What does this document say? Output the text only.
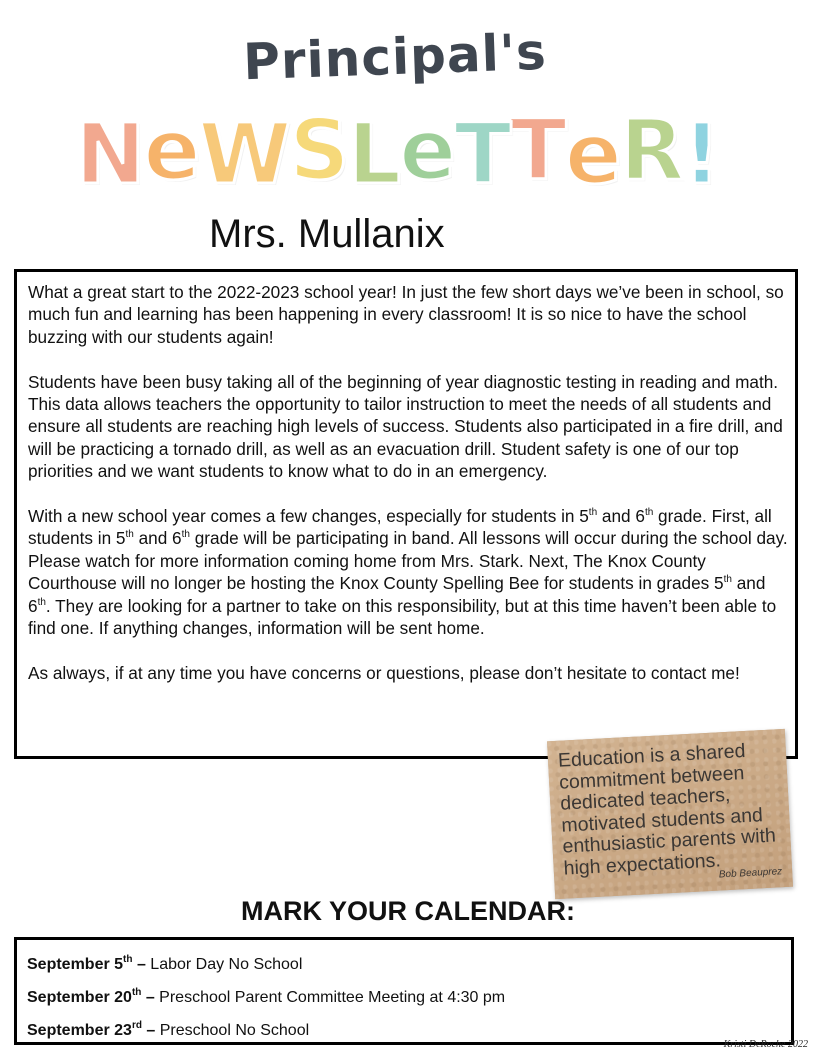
Principal's
N
e
W
S
L
e
T
T
e
R
!
Mrs. Mullanix

What a great start to the 2022-2023 school year! In just the few short days we’ve been in school, so much fun and learning has been happening in every classroom! It is so nice to have the school buzzing with our students again!

Students have been busy taking all of the beginning of year diagnostic testing in reading and math. This data allows teachers the opportunity to tailor instruction to meet the needs of all students and ensure all students are reaching high levels of success. Students also participated in a fire drill, and will be practicing a tornado drill, as well as an evacuation drill. Student safety is one of our top priorities and we want students to know what to do in an emergency.

With a new school year comes a few changes, especially for students in 5th and 6th grade. First, all students in 5th and 6th grade will be participating in band. All lessons will occur during the school day. Please watch for more information coming home from Mrs. Stark. Next, The Knox County Courthouse will no longer be hosting the Knox County Spelling Bee for students in grades 5th and 6th. They are looking for a partner to take on this responsibility, but at this time haven’t been able to find one. If anything changes, information will be sent home.

As always, if at any time you have concerns or questions, please don’t hesitate to contact me!

Education is a shared commitment between dedicated teachers, motivated students and enthusiastic parents with high expectations.
Bob Beauprez
MARK YOUR CALENDAR:
September 5th – Labor Day No School
September 20th – Preschool Parent Committee Meeting at 4:30 pm
September 23rd – Preschool No School
Kristi DeRoche 2022
